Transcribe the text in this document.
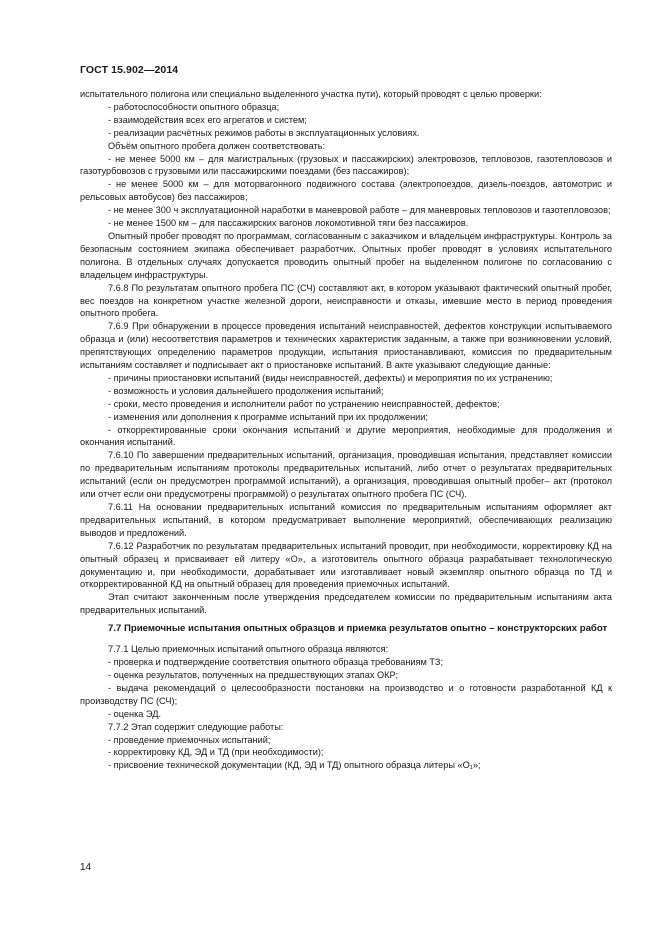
ГОСТ 15.902—2014

испытательного полигона или специально выделенного участка пути), который проводят с целью проверки:

- работоспособности опытного образца;

- взаимодействия всех его агрегатов и систем;

- реализации расчётных режимов работы в эксплуатационных условиях.

Объём опытного пробега должен соответствовать:

- не менее 5000 км – для магистральных (грузовых и пассажирских) электровозов, тепловозов, газотепловозов и газотурбовозов с грузовыми или пассажирскими поездами (без пассажиров);

- не менее 5000 км – для моторвагонного подвижного состава (электропоездов, дизель-поездов, автомотрис и рельсовых автобусов) без пассажиров;

- не менее 300 ч эксплуатационной наработки в маневровой работе – для маневровых тепловозов и газотепловозов;

- не менее 1500 км – для пассажирских вагонов локомотивной тяги без пассажиров.

Опытный пробег проводят по программам, согласованным с заказчиком и владельцем инфраструктуры. Контроль за безопасным состоянием экипажа обеспечивает разработчик. Опытных пробег проводят в условиях испытательного полигона. В отдельных случаях допускается проводить опытный пробег на выделенном полигоне по согласованию с владельцем инфраструктуры.

7.6.8 По результатам опытного пробега ПС (СЧ) составляют акт, в котором указывают фактический опытный пробег, вес поездов на конкретном участке железной дороги, неисправности и отказы, имевшие место в период проведения опытного пробега.

7.6.9 При обнаружении в процессе проведения испытаний неисправностей, дефектов конструкции испытываемого образца и (или) несоответствия параметров и технических характеристик заданным, а также при возникновении условий, препятствующих определению параметров продукции, испытания приостанавливают, комиссия по предварительным испытаниям составляет и подписывает акт о приостановке испытаний. В акте указывают следующие данные:

- причины приостановки испытаний (виды неисправностей, дефекты) и мероприятия по их устранению;

- возможность и условия дальнейшего продолжения испытаний;

- сроки, место проведения и исполнители работ по устранению неисправностей, дефектов;

- изменения или дополнения к программе испытаний при их продолжении;

- откорректированные сроки окончания испытаний и другие мероприятия, необходимые для продолжения и окончания испытаний.

7.6.10 По завершении предварительных испытаний, организация, проводившая испытания, представляет комиссии по предварительным испытаниям протоколы предварительных испытаний, либо отчет о результатах предварительных испытаний (если он предусмотрен программой испытаний), а организация, проводившая опытный пробег– акт (протокол или отчет если они предусмотрены программой) о результатах опытного пробега ПС (СЧ).

7.6.11 На основании предварительных испытаний комиссия по предварительным испытаниям оформляет акт предварительных испытаний, в котором предусматривает выполнение мероприятий, обеспечивающих реализацию выводов и предложений.

7.6.12 Разработчик по результатам предварительных испытаний проводит, при необходимости, корректировку КД на опытный образец и присваивает ей литеру «О», а изготовитель опытного образца разрабатывает технологическую документацию и, при необходимости, дорабатывает или изготавливает новый экземпляр опытного образца по ТД и откорректированной КД на опытный образец для проведения приемочных испытаний.

Этап считают законченным после утверждения председателем комиссии по предварительным испытаниям акта предварительных испытаний.

7.7 Приемочные испытания опытных образцов и приемка результатов опытно – конструкторских работ

7.7.1 Целью приемочных испытаний опытного образца являются:

- проверка и подтверждение соответствия опытного образца требованиям ТЗ;

- оценка результатов, полученных на предшествующих этапах ОКР;

- выдача рекомендаций о целесообразности постановки на производство и о готовности разработанной КД к производству ПС (СЧ);

- оценка ЭД.

7.7.2 Этап содержит следующие работы:

- проведение приемочных испытаний;

- корректировку КД, ЭД и ТД (при необходимости);

- присвоение технической документации (КД, ЭД и ТД) опытного образца литеры «О₁»;

14
